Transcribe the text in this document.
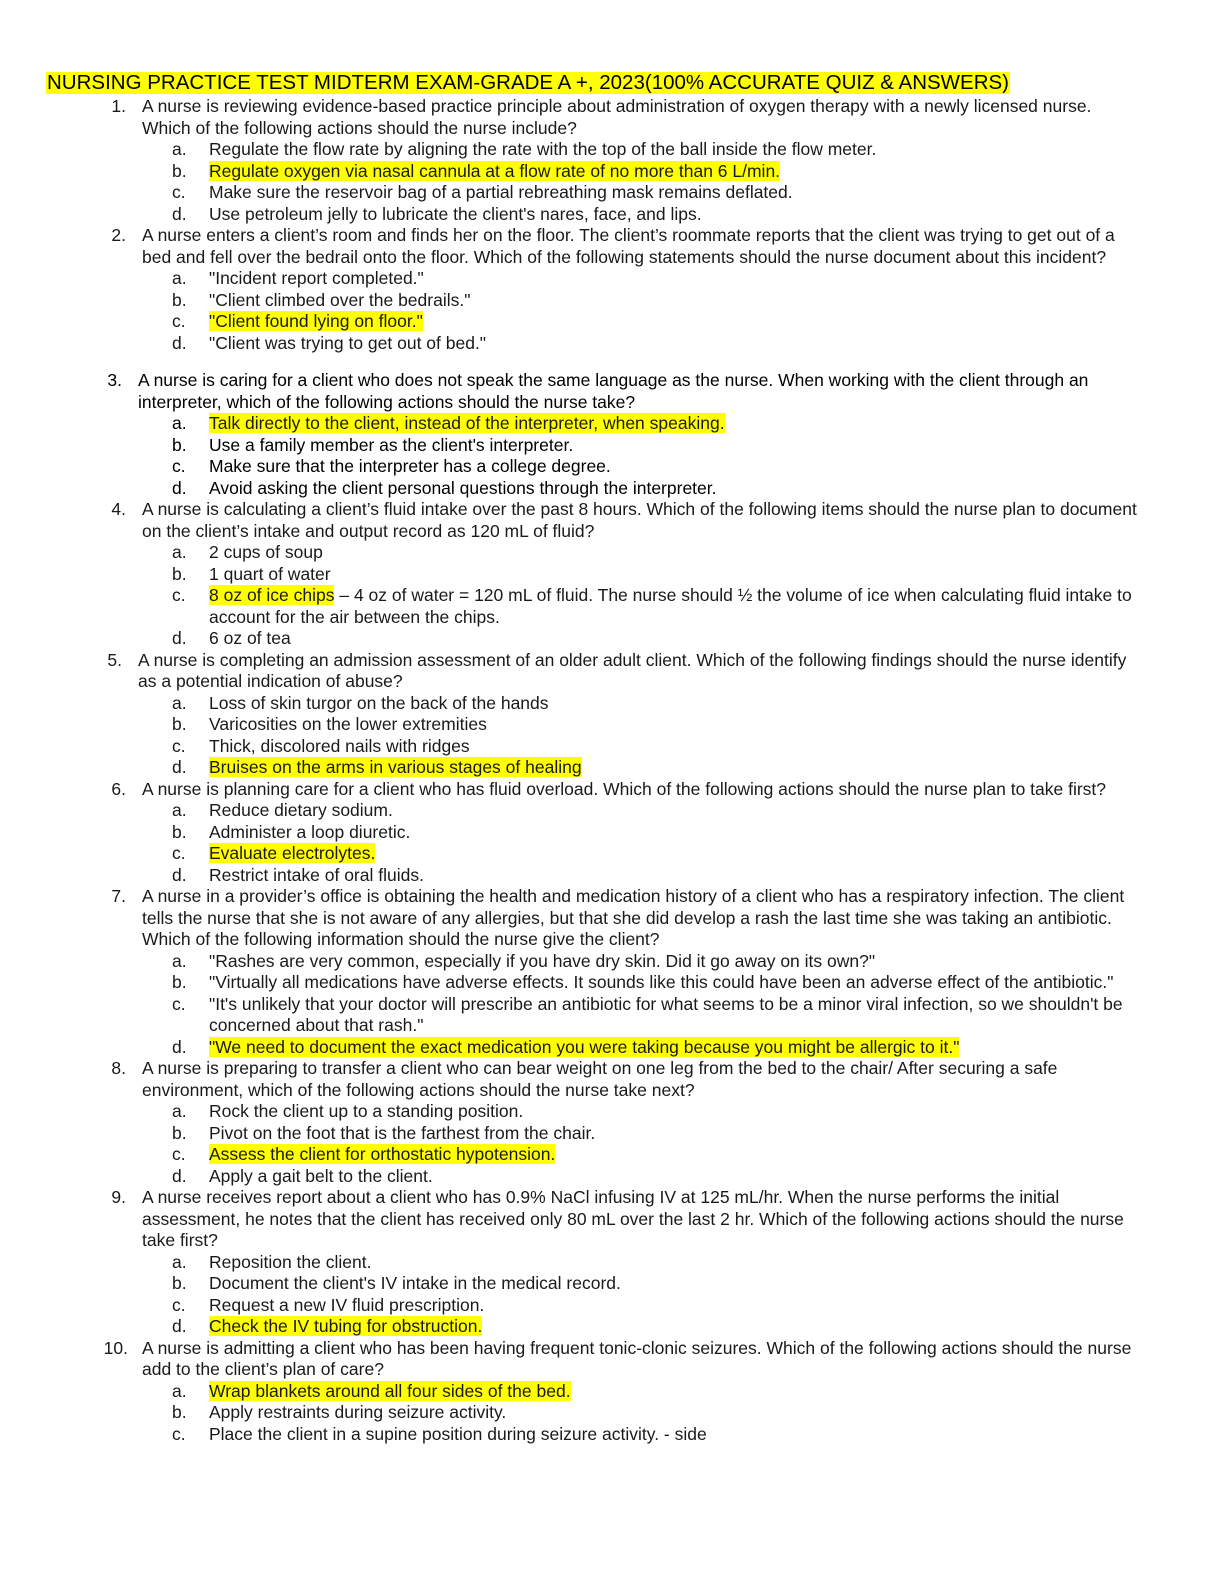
NURSING PRACTICE TEST MIDTERM EXAM-GRADE A +, 2023(100% ACCURATE QUIZ & ANSWERS)
1. A nurse is reviewing evidence-based practice principle about administration of oxygen therapy with a newly licensed nurse. Which of the following actions should the nurse include?
a. Regulate the flow rate by aligning the rate with the top of the ball inside the flow meter.
b. Regulate oxygen via nasal cannula at a flow rate of no more than 6 L/min.
c. Make sure the reservoir bag of a partial rebreathing mask remains deflated.
d. Use petroleum jelly to lubricate the client's nares, face, and lips.
2. A nurse enters a client’s room and finds her on the floor. The client’s roommate reports that the client was trying to get out of a bed and fell over the bedrail onto the floor. Which of the following statements should the nurse document about this incident?
a. "Incident report completed."
b. "Client climbed over the bedrails."
c. "Client found lying on floor."
d. "Client was trying to get out of bed."
3. A nurse is caring for a client who does not speak the same language as the nurse. When working with the client through an interpreter, which of the following actions should the nurse take?
a. Talk directly to the client, instead of the interpreter, when speaking.
b. Use a family member as the client's interpreter.
c. Make sure that the interpreter has a college degree.
d. Avoid asking the client personal questions through the interpreter.
4. A nurse is calculating a client’s fluid intake over the past 8 hours. Which of the following items should the nurse plan to document on the client’s intake and output record as 120 mL of fluid?
a. 2 cups of soup
b. 1 quart of water
c. 8 oz of ice chips – 4 oz of water = 120 mL of fluid. The nurse should ½ the volume of ice when calculating fluid intake to account for the air between the chips.
d. 6 oz of tea
5. A nurse is completing an admission assessment of an older adult client. Which of the following findings should the nurse identify as a potential indication of abuse?
a. Loss of skin turgor on the back of the hands
b. Varicosities on the lower extremities
c. Thick, discolored nails with ridges
d. Bruises on the arms in various stages of healing
6. A nurse is planning care for a client who has fluid overload. Which of the following actions should the nurse plan to take first?
a. Reduce dietary sodium.
b. Administer a loop diuretic.
c. Evaluate electrolytes.
d. Restrict intake of oral fluids.
7. A nurse in a provider’s office is obtaining the health and medication history of a client who has a respiratory infection. The client tells the nurse that she is not aware of any allergies, but that she did develop a rash the last time she was taking an antibiotic. Which of the following information should the nurse give the client?
a. "Rashes are very common, especially if you have dry skin. Did it go away on its own?"
b. "Virtually all medications have adverse effects. It sounds like this could have been an adverse effect of the antibiotic."
c. "It's unlikely that your doctor will prescribe an antibiotic for what seems to be a minor viral infection, so we shouldn't be concerned about that rash."
d. "We need to document the exact medication you were taking because you might be allergic to it."
8. A nurse is preparing to transfer a client who can bear weight on one leg from the bed to the chair/ After securing a safe environment, which of the following actions should the nurse take next?
a. Rock the client up to a standing position.
b. Pivot on the foot that is the farthest from the chair.
c. Assess the client for orthostatic hypotension.
d. Apply a gait belt to the client.
9. A nurse receives report about a client who has 0.9% NaCl infusing IV at 125 mL/hr. When the nurse performs the initial assessment, he notes that the client has received only 80 mL over the last 2 hr. Which of the following actions should the nurse take first?
a. Reposition the client.
b. Document the client's IV intake in the medical record.
c. Request a new IV fluid prescription.
d. Check the IV tubing for obstruction.
10. A nurse is admitting a client who has been having frequent tonic-clonic seizures. Which of the following actions should the nurse add to the client’s plan of care?
a. Wrap blankets around all four sides of the bed.
b. Apply restraints during seizure activity.
c. Place the client in a supine position during seizure activity. - side
